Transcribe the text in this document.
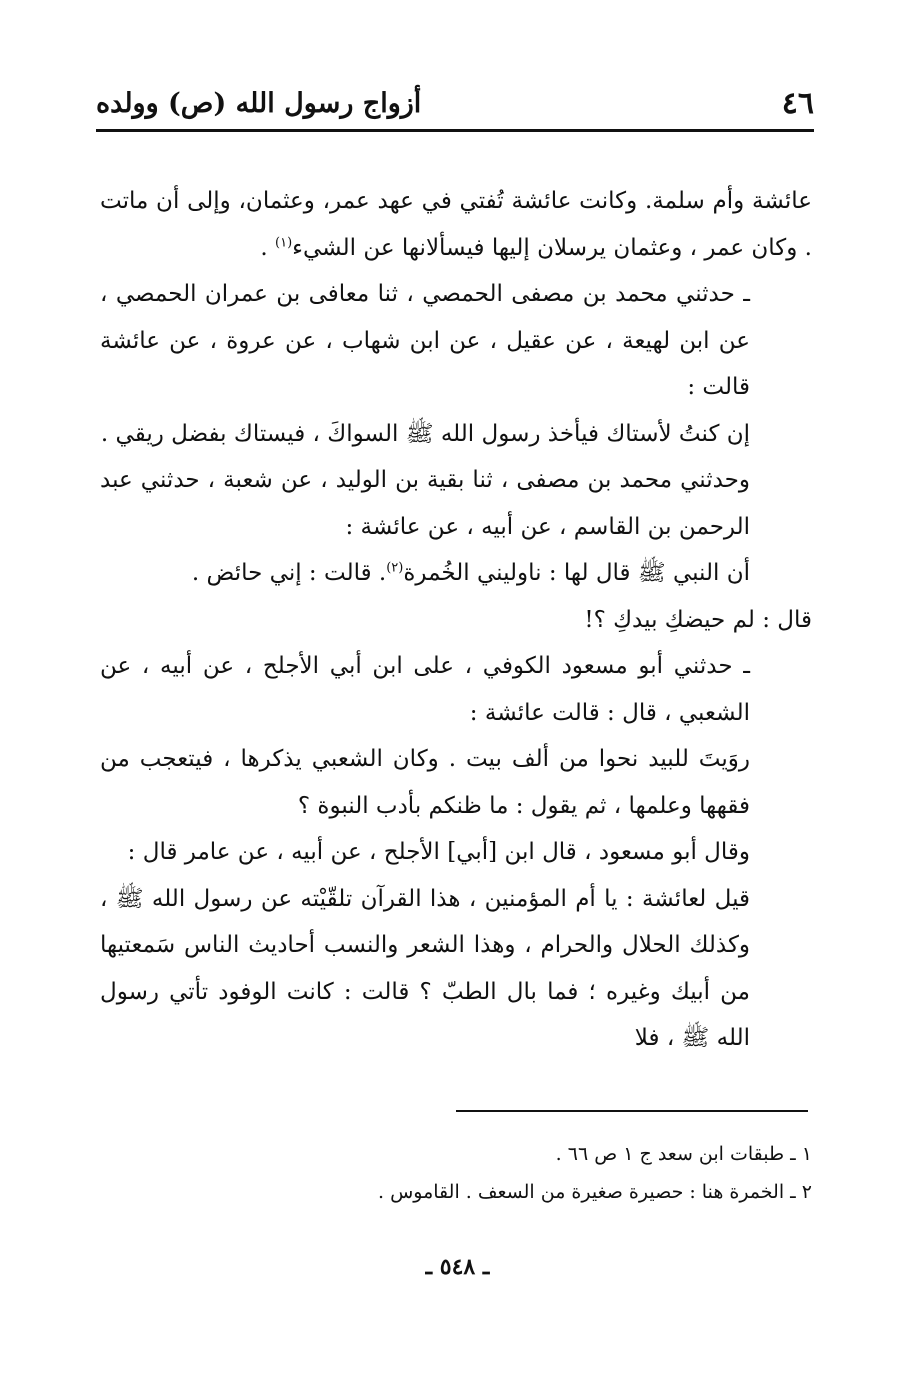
٤٦
أزواج رسول الله (ص) وولده

عائشة وأم سلمة. وكانت عائشة تُفتي في عهد عمر، وعثمان، وإلى أن ماتت . وكان عمر ، وعثمان يرسلان إليها فيسألانها عن الشيء$^{(١)}$ .

ـ حدثني محمد بن مصفى الحمصي ، ثنا معافى بن عمران الحمصي ، عن ابن لهيعة ، عن عقيل ، عن ابن شهاب ، عن عروة ، عن عائشة قالت :

إن كنتُ لأستاك فيأخذ رسول الله ﷺ السواكَ ، فيستاك بفضل ريقي .

وحدثني محمد بن مصفى ، ثنا بقية بن الوليد ، عن شعبة ، حدثني عبد الرحمن بن القاسم ، عن أبيه ، عن عائشة :

أن النبي ﷺ قال لها : ناوليني الخُمرة$^{(٢)}$. قالت : إني حائض .

قال : لم حيضكِ بيدكِ ؟!

ـ حدثني أبو مسعود الكوفي ، على ابن أبي الأجلح ، عن أبيه ، عن الشعبي ، قال : قالت عائشة :

روَيتَ للبيد نحوا من ألف بيت . وكان الشعبي يذكرها ، فيتعجب من فقهها وعلمها ، ثم يقول : ما ظنكم بأدب النبوة ؟

وقال أبو مسعود ، قال ابن [أبي] الأجلح ، عن أبيه ، عن عامر قال :

قيل لعائشة : يا أم المؤمنين ، هذا القرآن تلقّيْته عن رسول الله ﷺ ، وكذلك الحلال والحرام ، وهذا الشعر والنسب أحاديث الناس سَمعتيها من أبيك وغيره ؛ فما بال الطبّ ؟ قالت : كانت الوفود تأتي رسول الله ﷺ ، فلا

١ ـ طبقات ابن سعد ج ١ ص ٦٦ .
٢ ـ الخمرة هنا : حصيرة صغيرة من السعف . القاموس .
ـ ٥٤٨ ـ
